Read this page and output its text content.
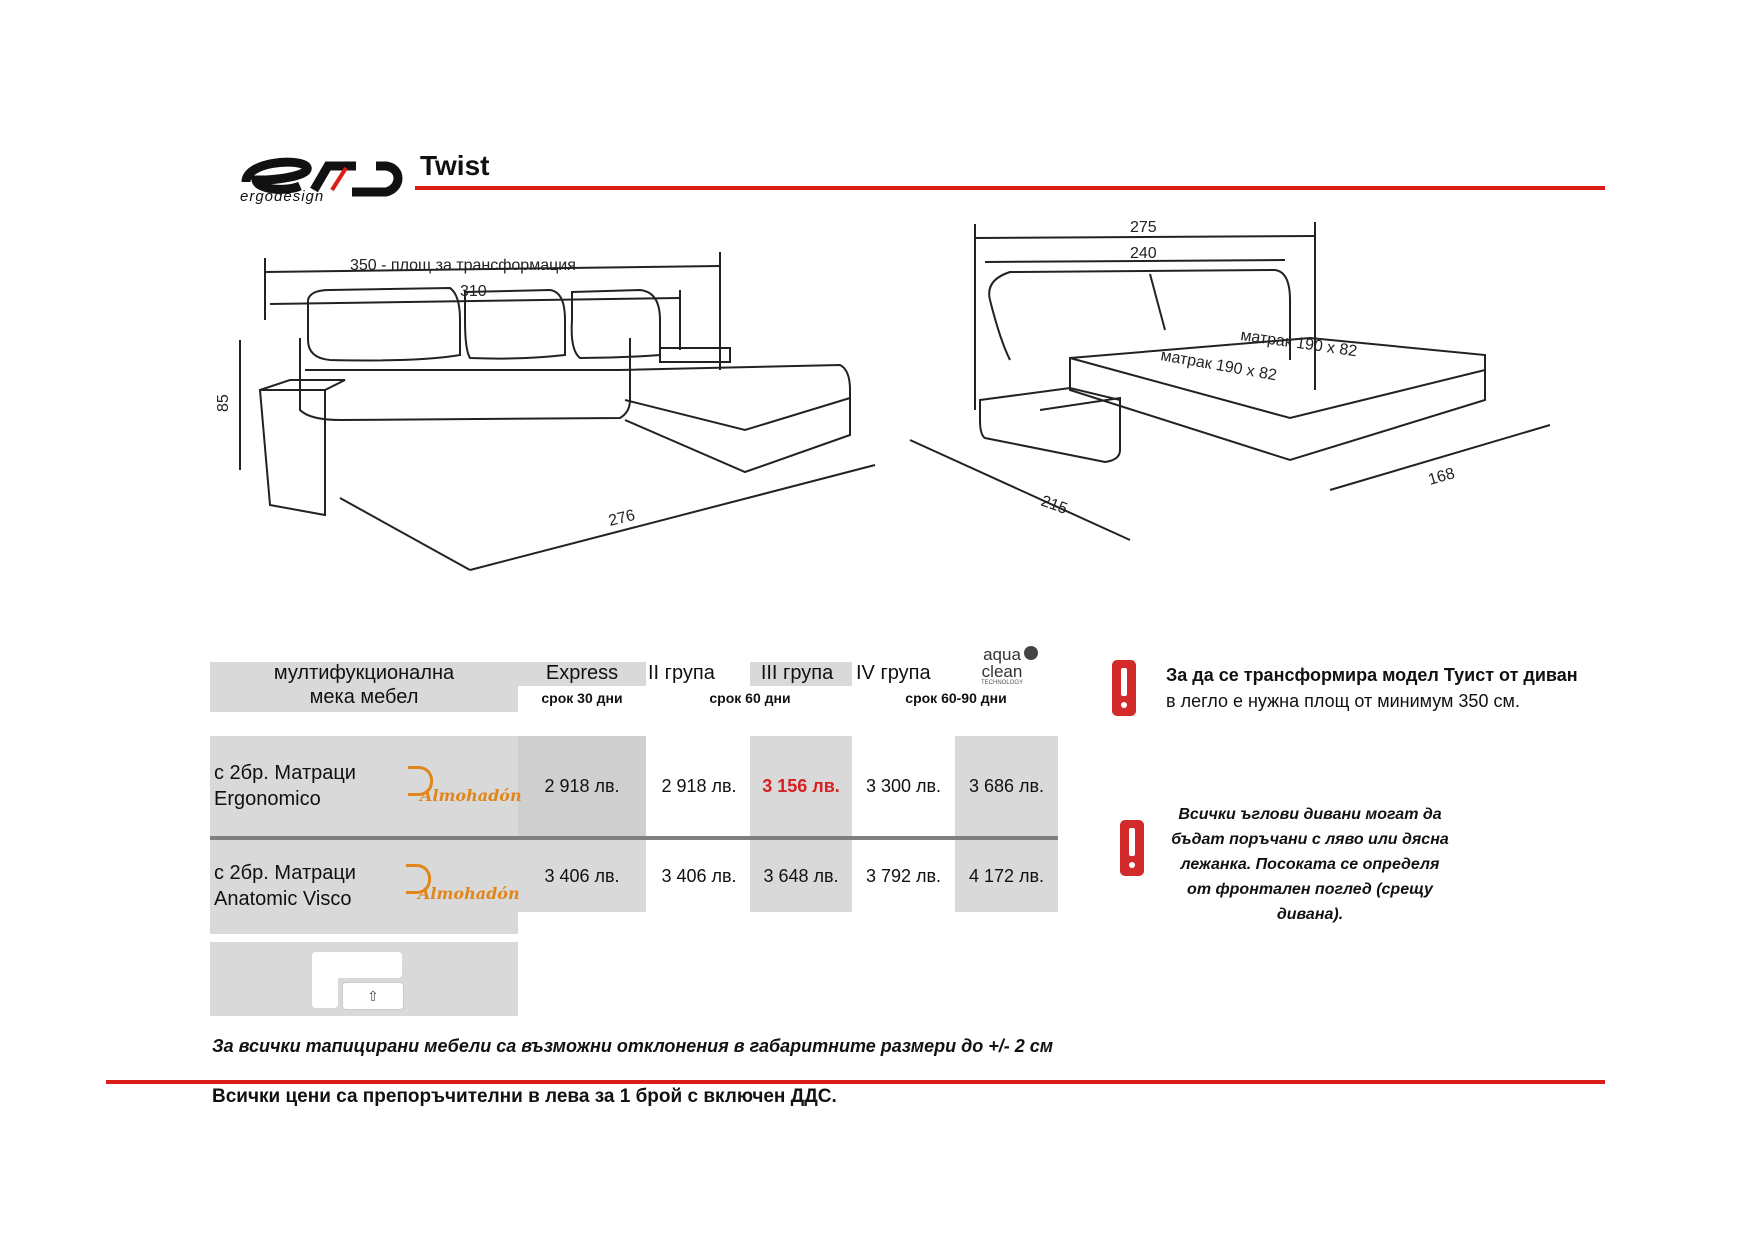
ergodesign
Twist
350 - площ за трансформация
310
85
276
275
240
матрак 190 х 82
матрак 190 х 82
215
168
мултифукционална
мека мебел
Express	II група	III група	IV група
aqua clean
TECHNOLOGY
срок 30 дни	срок 60 дни	срок 60-90 дни
с 2бр. Матраци
Ergonomico	Almohadón	2 918 лв.	2 918 лв.	3 156 лв.	3 300 лв.	3 686 лв.
с 2бр. Матраци
Anatomic Visco	Almohadón
3 406 лв.	3 406 лв.	3 648 лв.	3 792 лв.	4 172 лв.
⇧
За да се трансформира модел Туист от диван
в легло е нужна площ от минимум 350 см.
Всички ъглови дивани могат да
бъдат поръчани с ляво или дясна
лежанка. Посоката се определя
от фронтален поглед (срещу
дивана).
За всички тапицирани мебели са възможни отклонения в габаритните размери до +/- 2 см
Всички цени са препоръчителни в лева за 1 брой с включен ДДС.
